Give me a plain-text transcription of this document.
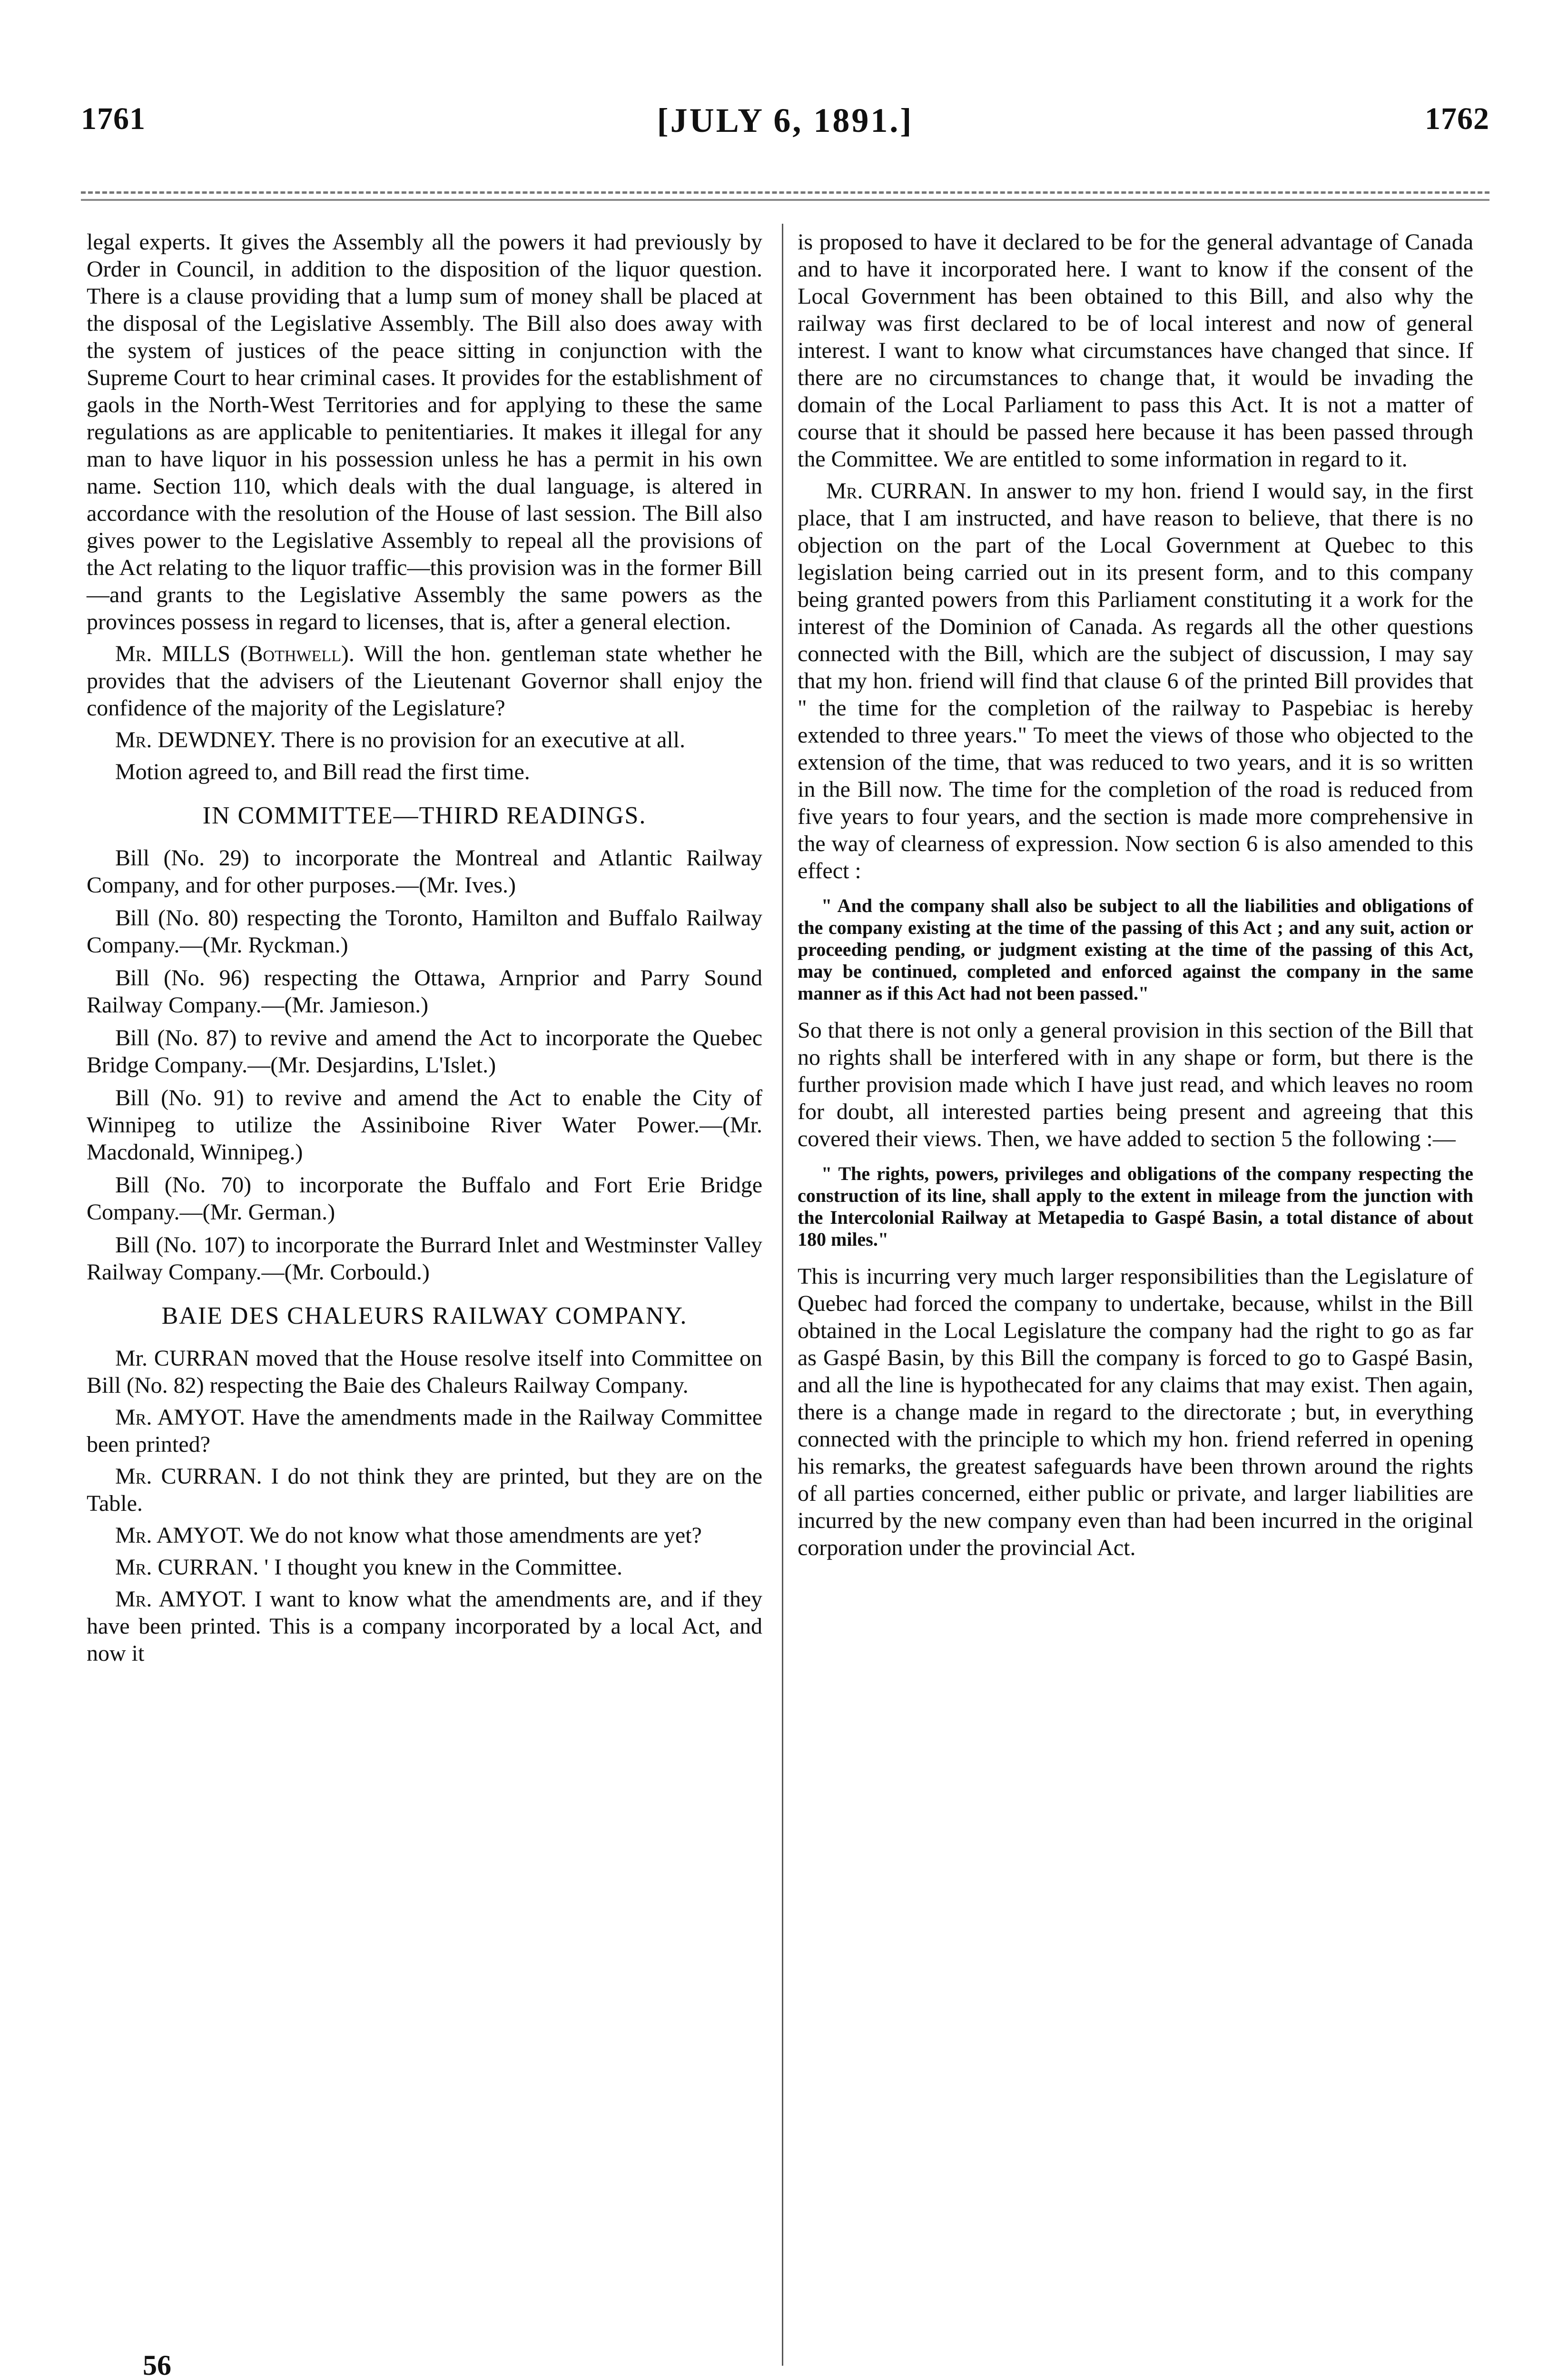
1761	[JULY 6, 1891.]	1762

legal experts. It gives the Assembly all the powers it had previously by Order in Council, in addition to the disposition of the liquor question. There is a clause providing that a lump sum of money shall be placed at the disposal of the Legislative Assembly. The Bill also does away with the system of justices of the peace sitting in conjunction with the Supreme Court to hear criminal cases. It provides for the establishment of gaols in the North-West Territories and for applying to these the same regulations as are applicable to penitentiaries. It makes it illegal for any man to have liquor in his possession unless he has a permit in his own name. Section 110, which deals with the dual language, is altered in accordance with the resolution of the House of last session. The Bill also gives power to the Legislative Assembly to repeal all the provisions of the Act relating to the liquor traffic—this provision was in the former Bill—and grants to the Legislative Assembly the same powers as the provinces possess in regard to licenses, that is, after a general election.

Mr. MILLS (Bothwell). Will the hon. gentleman state whether he provides that the advisers of the Lieutenant Governor shall enjoy the confidence of the majority of the Legislature?

Mr. DEWDNEY. There is no provision for an executive at all.

Motion agreed to, and Bill read the first time.

IN COMMITTEE—THIRD READINGS.

Bill (No. 29) to incorporate the Montreal and Atlantic Railway Company, and for other purposes.—(Mr. Ives.)

Bill (No. 80) respecting the Toronto, Hamilton and Buffalo Railway Company.—(Mr. Ryckman.)

Bill (No. 96) respecting the Ottawa, Arnprior and Parry Sound Railway Company.—(Mr. Jamieson.)

Bill (No. 87) to revive and amend the Act to incorporate the Quebec Bridge Company.—(Mr. Desjardins, L'Islet.)

Bill (No. 91) to revive and amend the Act to enable the City of Winnipeg to utilize the Assiniboine River Water Power.—(Mr. Macdonald, Winnipeg.)

Bill (No. 70) to incorporate the Buffalo and Fort Erie Bridge Company.—(Mr. German.)

Bill (No. 107) to incorporate the Burrard Inlet and Westminster Valley Railway Company.—(Mr. Corbould.)

BAIE DES CHALEURS RAILWAY COMPANY.

Mr. CURRAN moved that the House resolve itself into Committee on Bill (No. 82) respecting the Baie des Chaleurs Railway Company.

Mr. AMYOT. Have the amendments made in the Railway Committee been printed?

Mr. CURRAN. I do not think they are printed, but they are on the Table.

Mr. AMYOT. We do not know what those amendments are yet?

Mr. CURRAN. ' I thought you knew in the Committee.

Mr. AMYOT. I want to know what the amendments are, and if they have been printed. This is a company incorporated by a local Act, and now it

is proposed to have it declared to be for the general advantage of Canada and to have it incorporated here. I want to know if the consent of the Local Government has been obtained to this Bill, and also why the railway was first declared to be of local interest and now of general interest. I want to know what circumstances have changed that since. If there are no circumstances to change that, it would be invading the domain of the Local Parliament to pass this Act. It is not a matter of course that it should be passed here because it has been passed through the Committee. We are entitled to some information in regard to it.

Mr. CURRAN. In answer to my hon. friend I would say, in the first place, that I am instructed, and have reason to believe, that there is no objection on the part of the Local Government at Quebec to this legislation being carried out in its present form, and to this company being granted powers from this Parliament constituting it a work for the interest of the Dominion of Canada. As regards all the other questions connected with the Bill, which are the subject of discussion, I may say that my hon. friend will find that clause 6 of the printed Bill provides that " the time for the completion of the railway to Paspebiac is hereby extended to three years." To meet the views of those who objected to the extension of the time, that was reduced to two years, and it is so written in the Bill now. The time for the completion of the road is reduced from five years to four years, and the section is made more comprehensive in the way of clearness of expression. Now section 6 is also amended to this effect :

" And the company shall also be subject to all the liabilities and obligations of the company existing at the time of the passing of this Act ; and any suit, action or proceeding pending, or judgment existing at the time of the passing of this Act, may be continued, completed and enforced against the company in the same manner as if this Act had not been passed."

So that there is not only a general provision in this section of the Bill that no rights shall be interfered with in any shape or form, but there is the further provision made which I have just read, and which leaves no room for doubt, all interested parties being present and agreeing that this covered their views. Then, we have added to section 5 the following :—

" The rights, powers, privileges and obligations of the company respecting the construction of its line, shall apply to the extent in mileage from the junction with the Intercolonial Railway at Metapedia to Gaspé Basin, a total distance of about 180 miles."

This is incurring very much larger responsibilities than the Legislature of Quebec had forced the company to undertake, because, whilst in the Bill obtained in the Local Legislature the company had the right to go as far as Gaspé Basin, by this Bill the company is forced to go to Gaspé Basin, and all the line is hypothecated for any claims that may exist. Then again, there is a change made in regard to the directorate ; but, in everything connected with the principle to which my hon. friend referred in opening his remarks, the greatest safeguards have been thrown around the rights of all parties concerned, either public or private, and larger liabilities are incurred by the new company even than had been incurred in the original corporation under the provincial Act.

56
